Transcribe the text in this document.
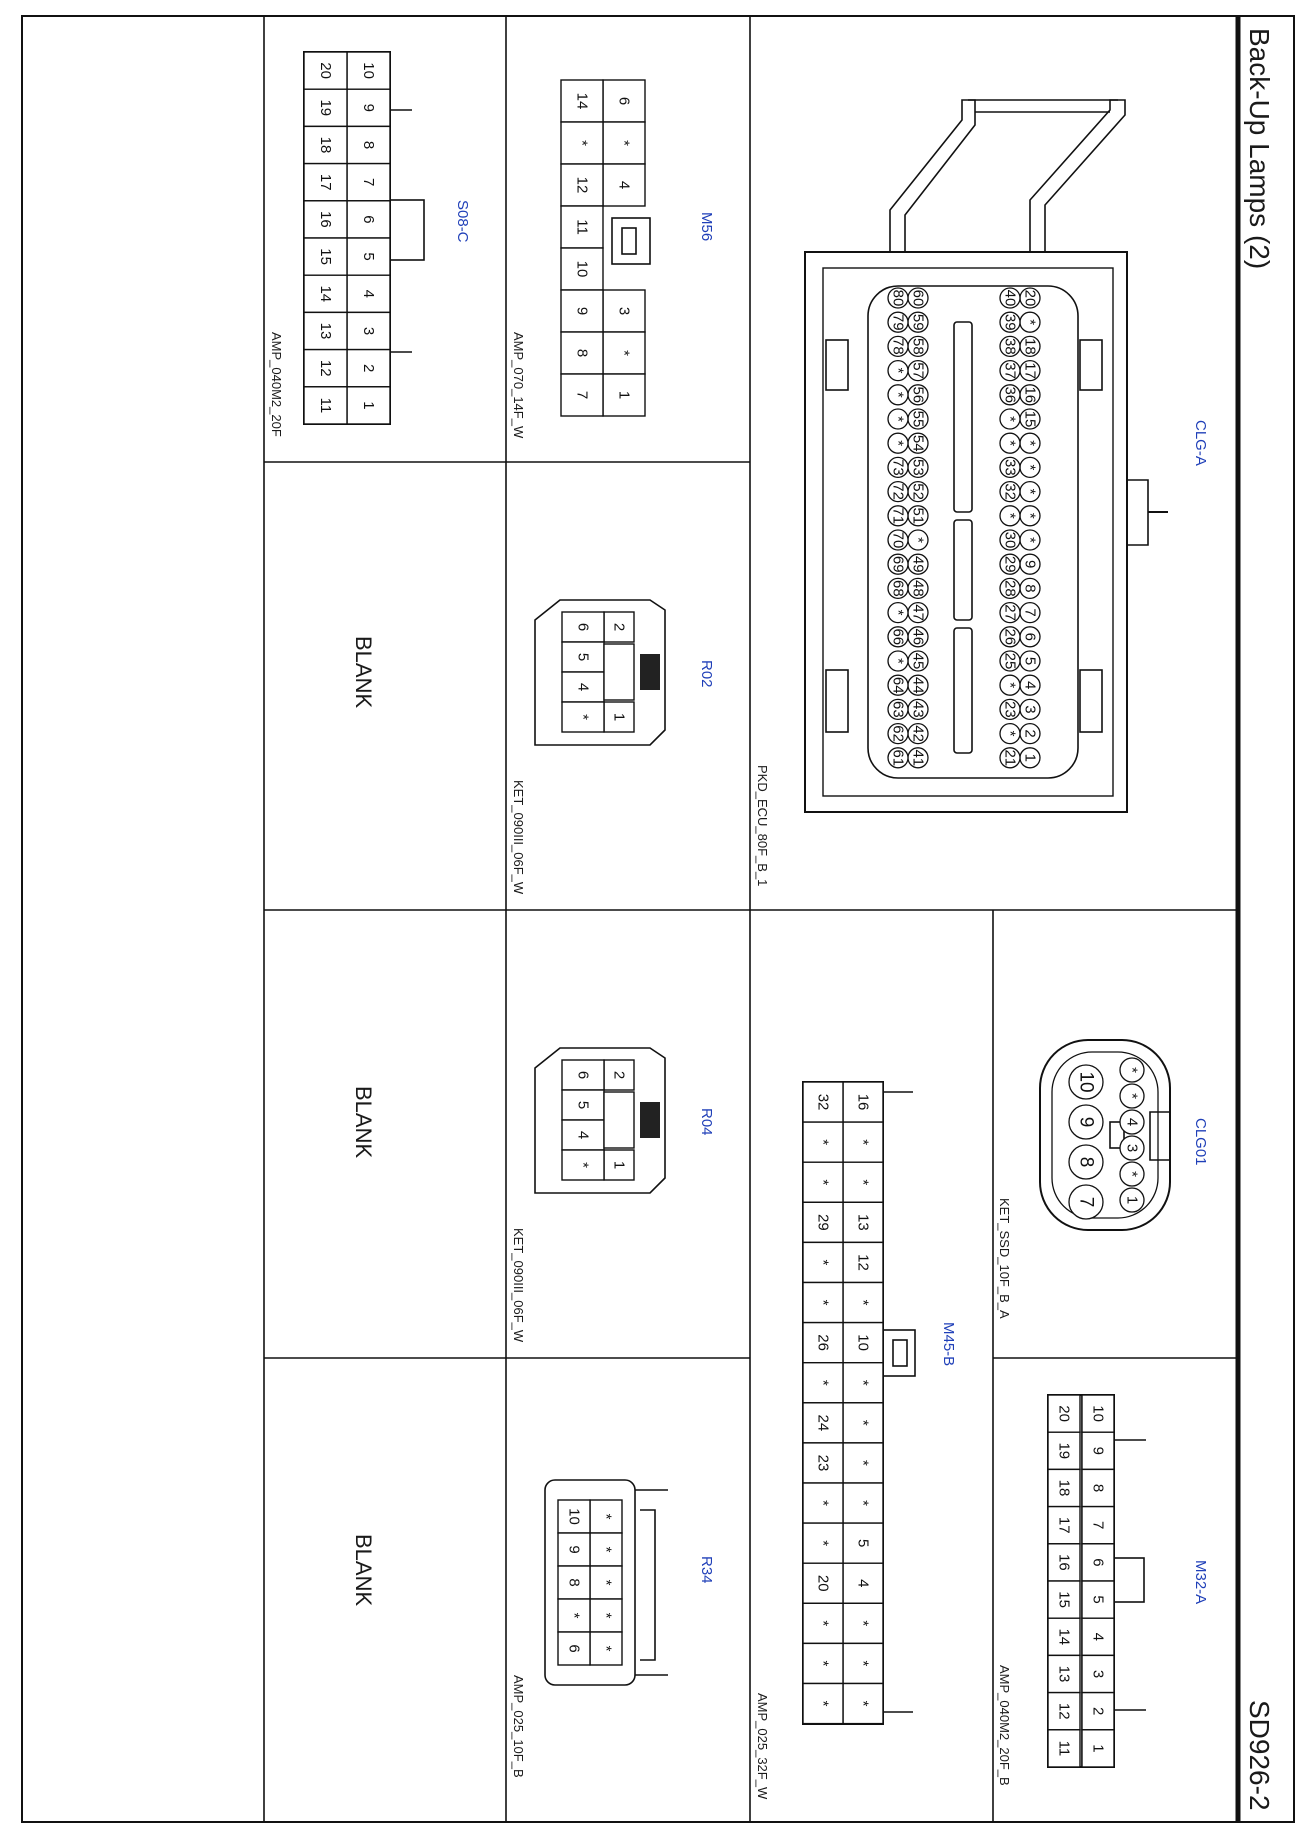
Back-Up Lamps (2)
SD926-2
CLG-A
PKD_ECU_80F_B_1
20
*
18
17
16
15
*
*
*
*
*
9
8
7
6
5
4
3
2
1
40
39
38
37
36
*
*
33
32
*
30
29
28
27
26
25
*
23
*
21
60
59
58
57
56
55
54
53
52
51
*
49
48
47
46
45
44
43
42
41
80
79
78
*
*
*
*
73
72
71
70
69
68
*
66
*
64
63
62
61
CLG01
KET_SSD_10F_B_A
*
*
4
3
*
1
10
9
8
7
M32-A
AMP_040M2_20F_B
10
9
8
7
6
5
4
3
2
1
20
19
18
17
16
15
14
13
12
11
S08-C
AMP_040M2_20F
10
9
8
7
6
5
4
3
2
1
20
19
18
17
16
15
14
13
12
11
M56
AMP_070_14F_W
6
*
4
14
*
12
11
10
3
*
1
9
8
7
M45-B
AMP_025_32F_W
16
*
*
13
12
*
10
*
*
*
*
5
4
*
*
*
32
*
*
29
*
*
26
*
24
23
*
*
20
*
*
*
R02
KET_090III_06F_W
2
1
6
5
4
*
R04
KET_090III_06F_W
2
1
6
5
4
*
R34
AMP_025_10F_B
*
*
*
*
*
10
9
8
*
6
BLANK
BLANK
BLANK
